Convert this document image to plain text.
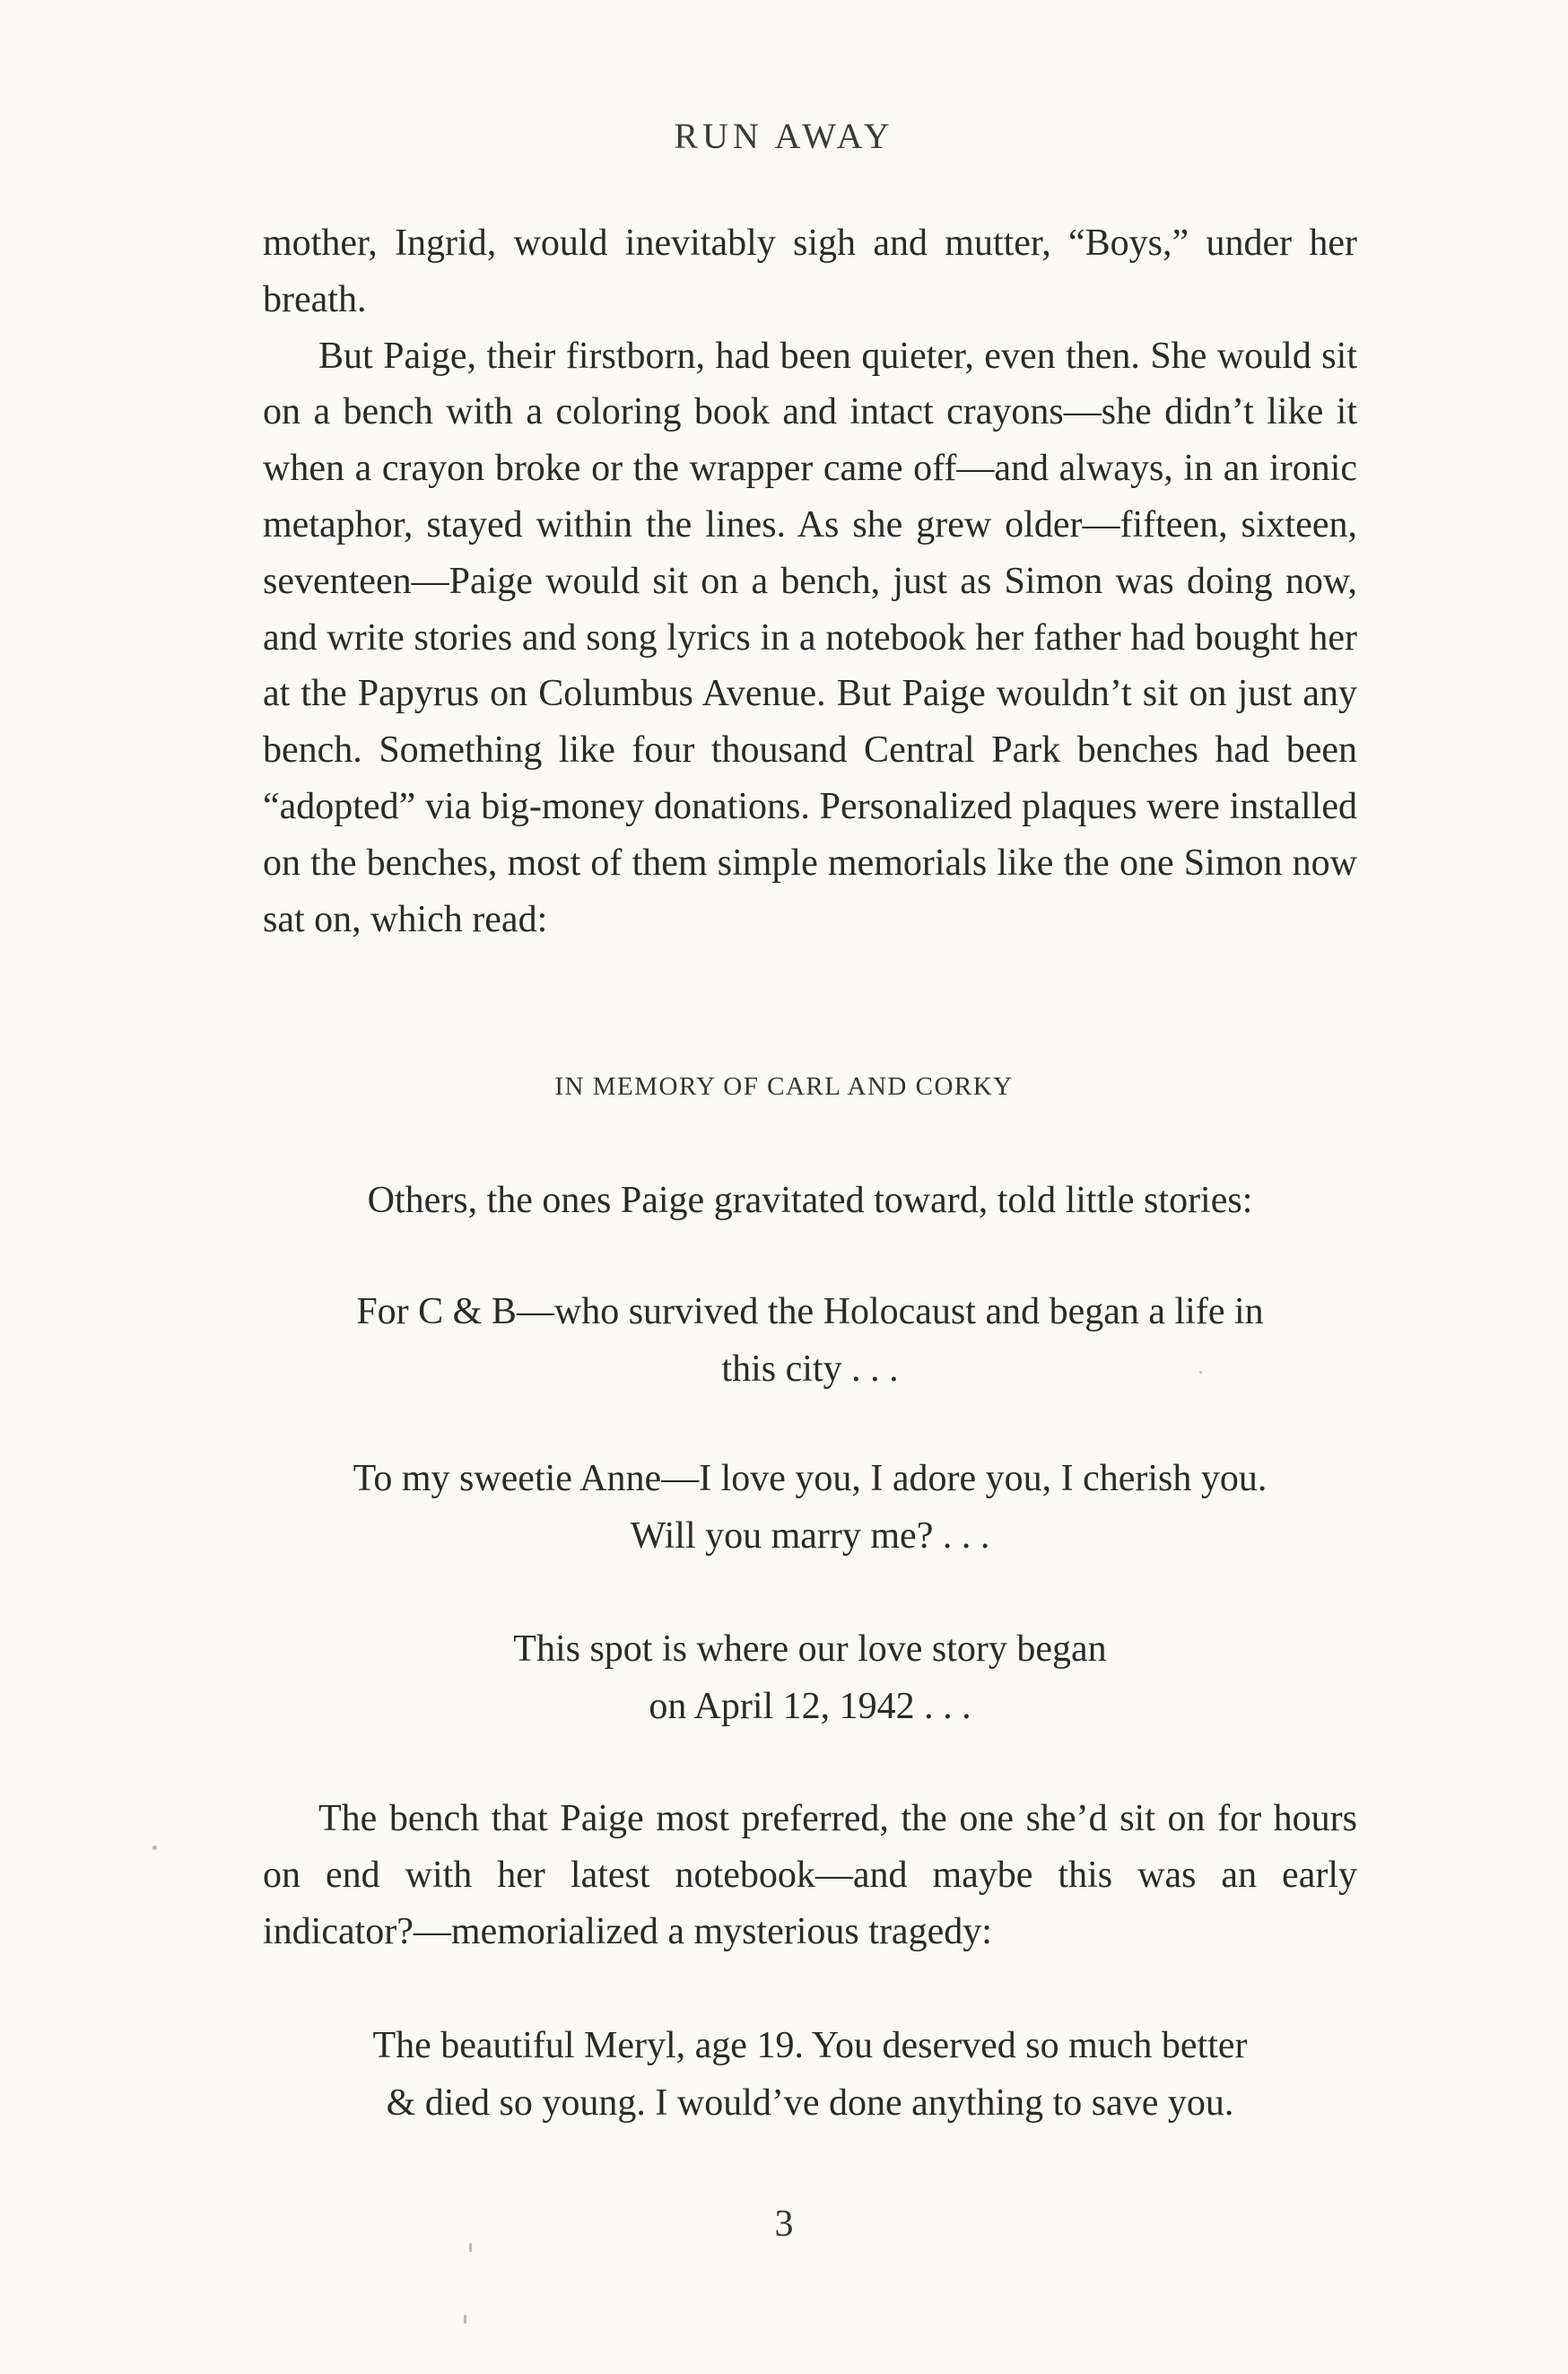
RUN AWAY

mother, Ingrid, would inevitably sigh and mutter, “Boys,” under her breath.

But Paige, their firstborn, had been quieter, even then. She would sit on a bench with a coloring book and intact crayons—she didn’t like it when a crayon broke or the wrapper came off—and always, in an ironic metaphor, stayed within the lines. As she grew older—fifteen, sixteen, seventeen—Paige would sit on a bench, just as Simon was doing now, and write stories and song lyrics in a notebook her father had bought her at the Papyrus on Columbus Avenue. But Paige wouldn’t sit on just any bench. Something like four thousand Central Park benches had been “adopted” via big-money donations. Personalized plaques were installed on the benches, most of them simple memorials like the one Simon now sat on, which read:

IN MEMORY OF CARL AND CORKY

Others, the ones Paige gravitated toward, told little stories:

For C & B—who survived the Holocaust and began a life in

this city . . .

To my sweetie Anne—I love you, I adore you, I cherish you.

Will you marry me? . . .

This spot is where our love story began

on April 12, 1942 . . .

The bench that Paige most preferred, the one she’d sit on for hours on end with her latest notebook—and maybe this was an early indicator?—memorialized a mysterious tragedy:

The beautiful Meryl, age 19. You deserved so much better

& died so young. I would’ve done anything to save you.

3
